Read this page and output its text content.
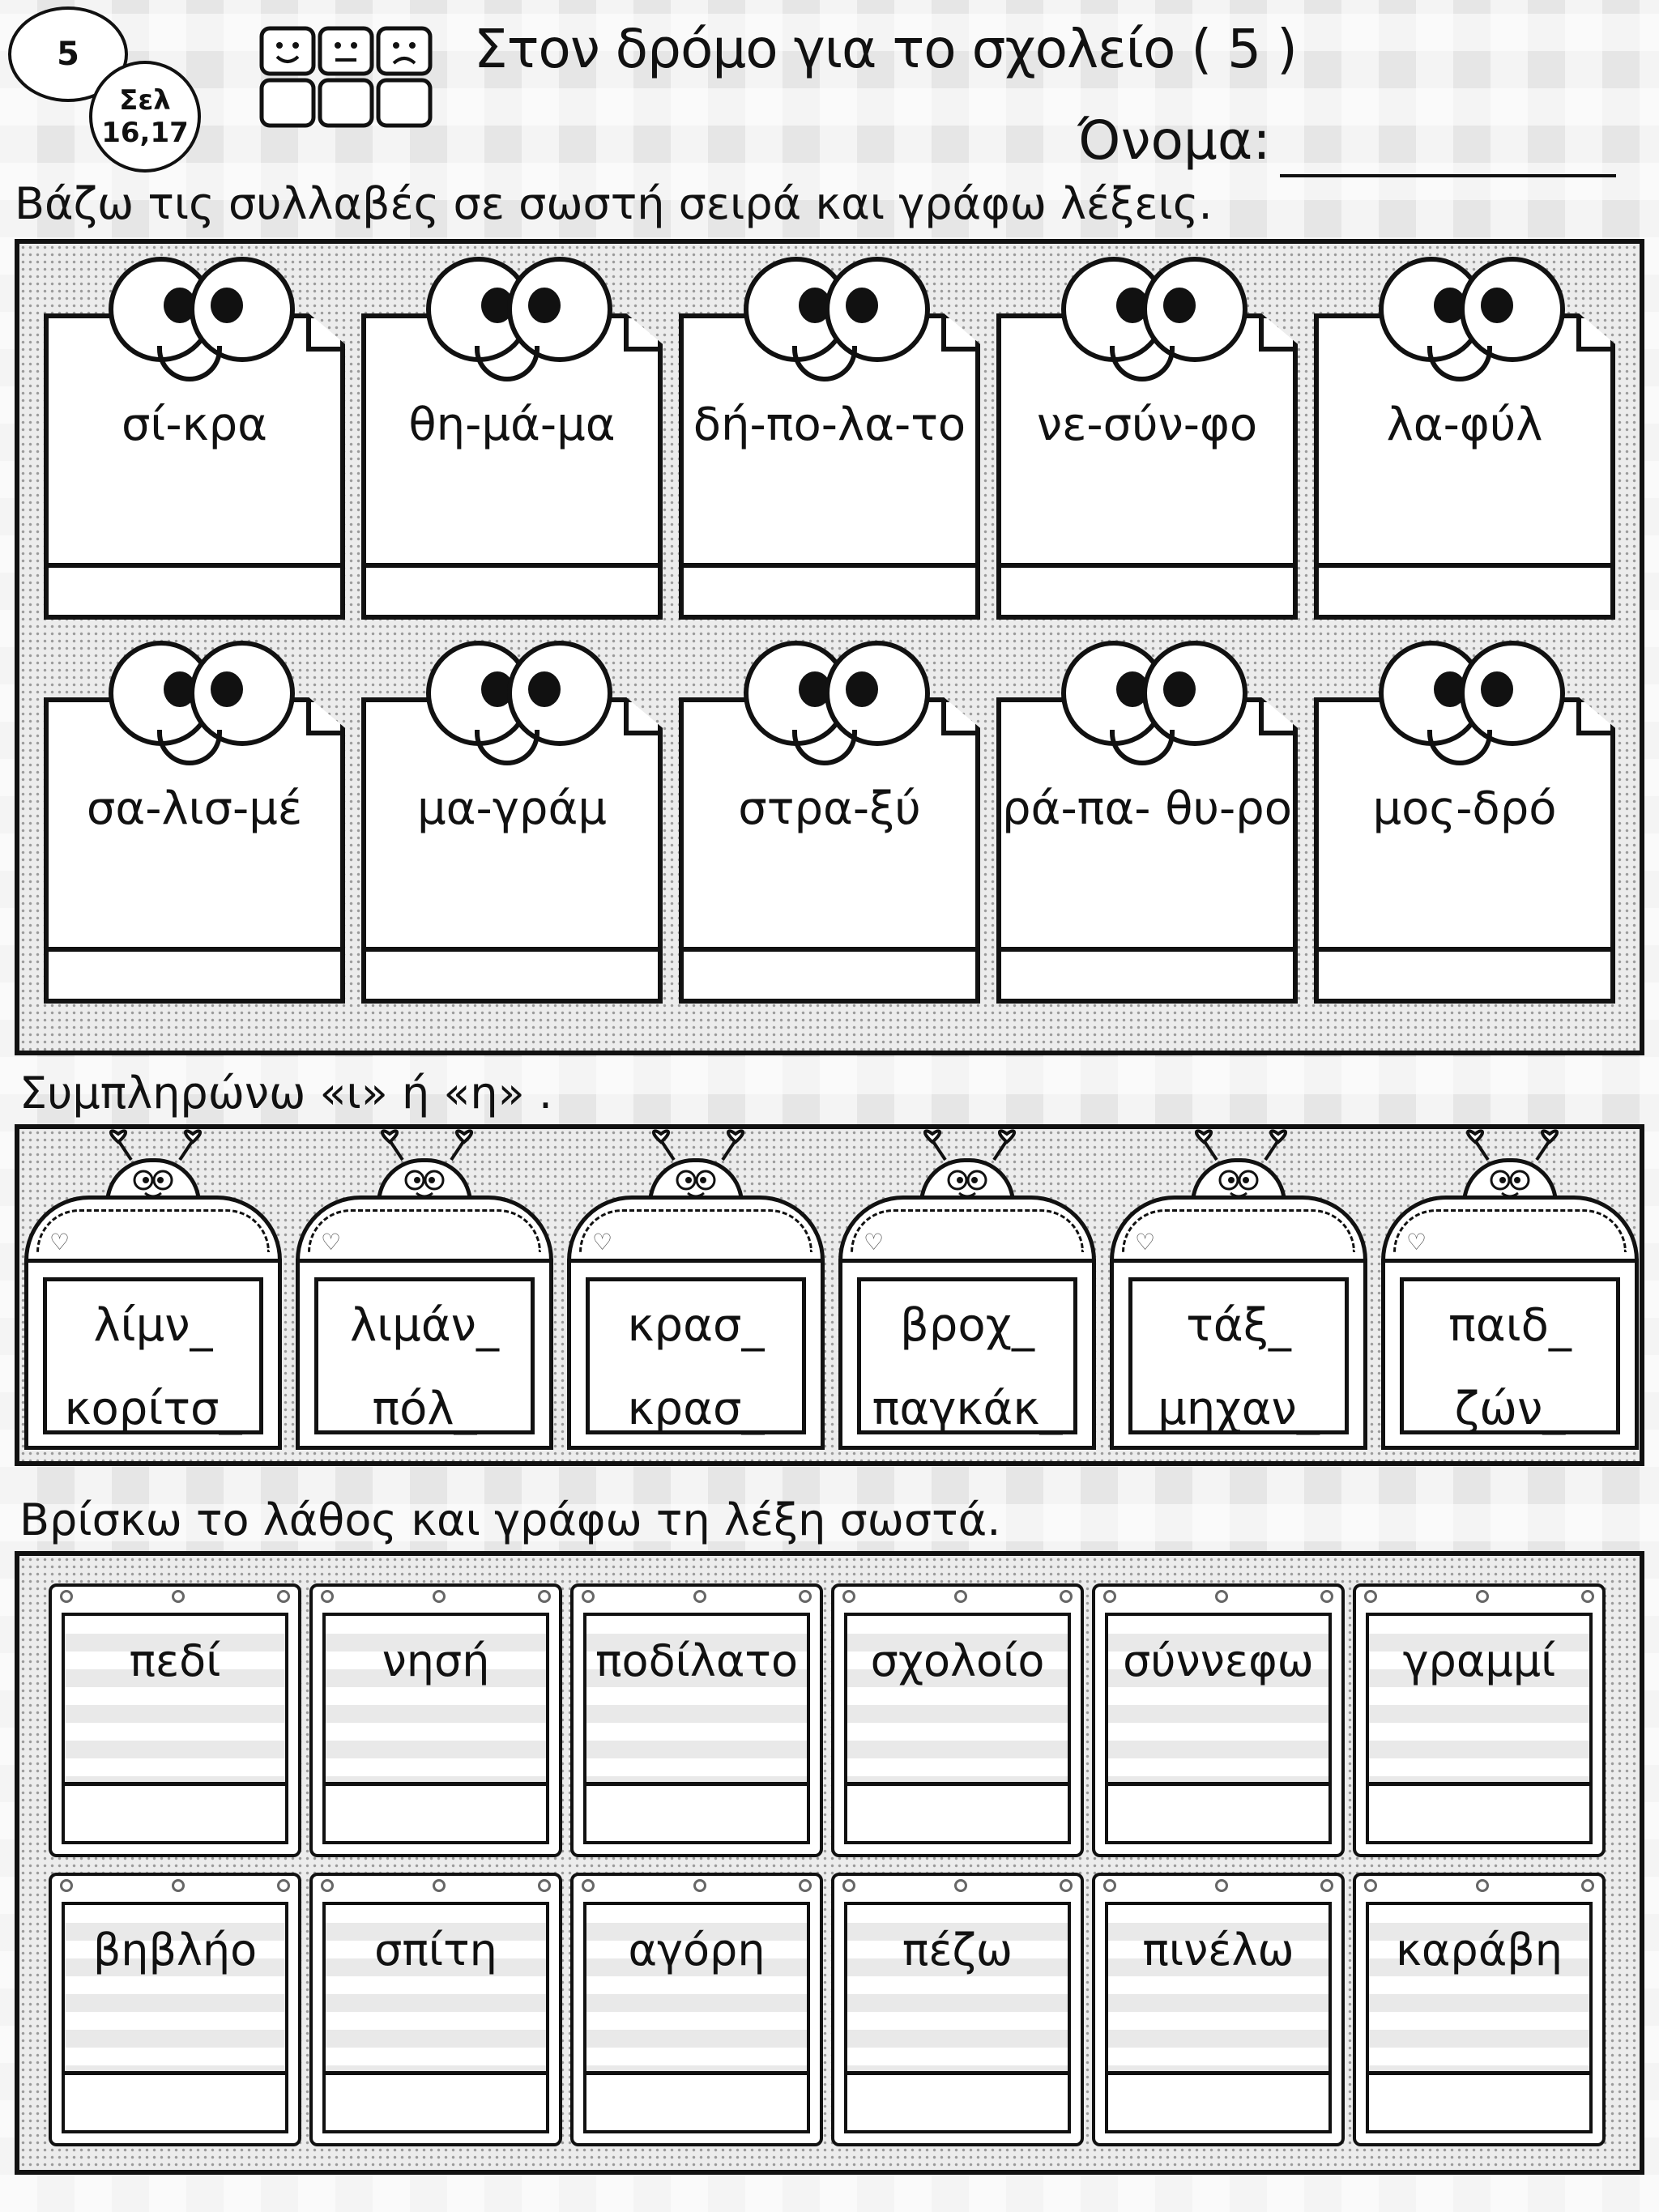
5
Σελ
16,17
Στον δρόμο για το σχολείο ( 5 )
Όνομα:
Βάζω τις συλλαβές σε σωστή σειρά και γράφω λέξεις.
σί-κρα	θη-μά-μα	δή-πο-λα-το	νε-σύν-φο	λα-φύλ
σα-λισ-μέ	μα-γράμ	στρα-ξύ	ρά-πα- θυ-ρο	μος-δρό
Συμπληρώνω «ι» ή «η» .
♡
λίμν_
κορίτσ_
♡
λιμάν_
πόλ_
♡
κρασ_
κρασ_
♡
βροχ_
παγκάκ_
♡
τάξ_
μηχαν_
♡
παιδ_
ζών_
Βρίσκω το λάθος και γράφω τη λέξη σωστά.
πεδί	νησή	ποδίλατο	σχολοίο	σύννεφω	γραμμί
βηβλήο	σπίτη	αγόρη	πέζω	πινέλω	καράβη
